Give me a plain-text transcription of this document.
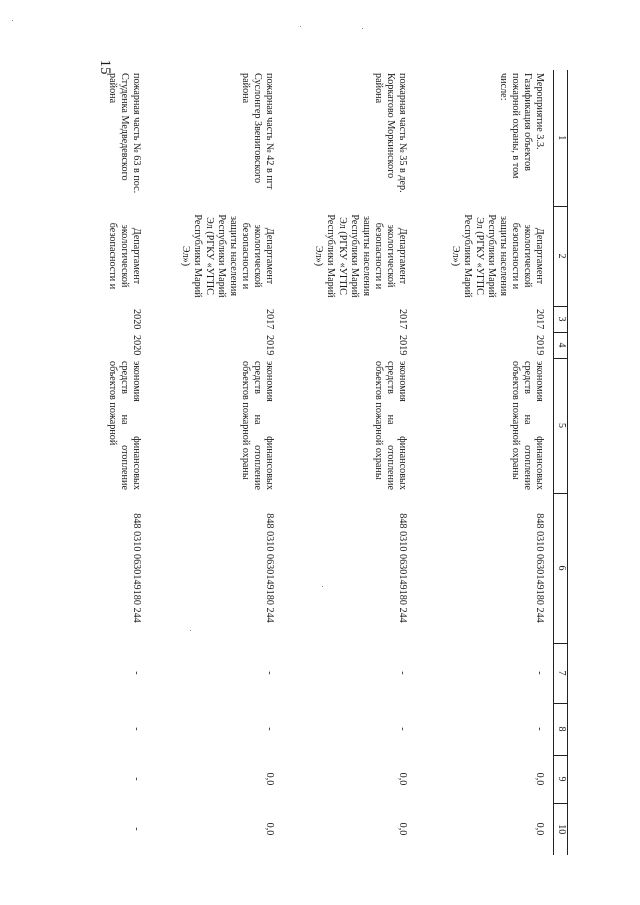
15
1	2	3	4	5	6	7	8	9	10
Мероприятие 3.3. Газификация объектов пожарной охраны, в том числе:	Департамент экологической безопасности и защиты населения Республики Марий Эл (РГКУ «УГПС Республики Марий Эл»)	2017	2019	экономия финансовых средств на отопление объектов пожарной охраны	848 0310 0630149180 244	-	-	0,0	0,0
пожарная часть № 35 в дер. Коркатово Моркинского района	Департамент экологической безопасности и защиты населения Республики Марий Эл (РГКУ «УГПС Республики Марий Эл»)	2017	2019	экономия финансовых средств на отопление объектов пожарной охраны	848 0310 0630149180 244	-	-	0,0	0,0
пожарная часть № 42 в пгт Суслонгер Звениговского района	Департамент экологической безопасности и защиты населения Республики Марий Эл (РГКУ «УГПС Республики Марий Эл»)	2017	2019	экономия финансовых средств на отопление объектов пожарной охраны	848 0310 0630149180 244	-	-	0,0	0,0
пожарная часть № 63 в пос. Студенка Медведевского района	Департамент экологической безопасности и	2020	2020	экономия финансовых средств на отопление объектов пожарной	848 0310 0630149180 244	-	-	-	-
